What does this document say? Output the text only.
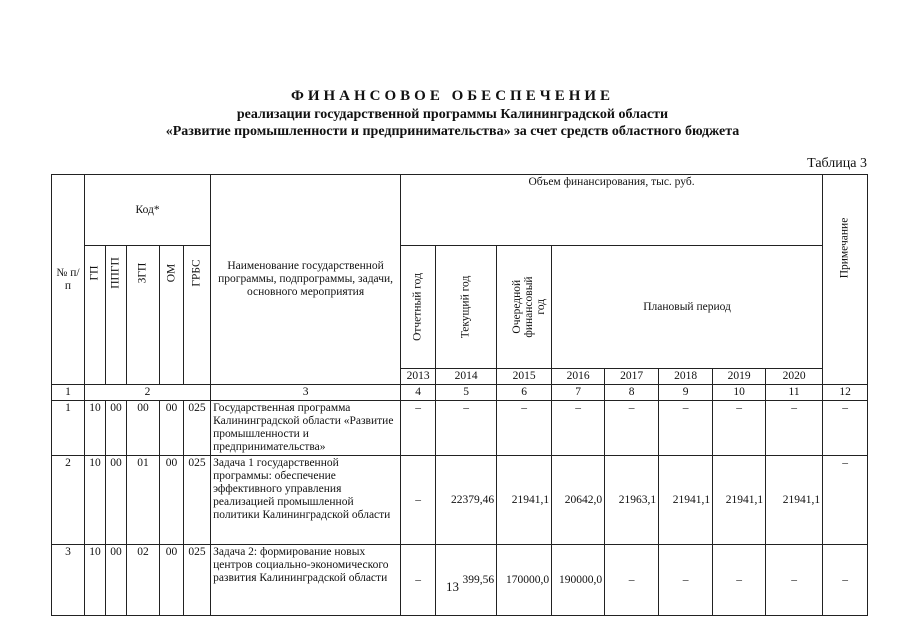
ФИНАНСОВОЕ ОБЕСПЕЧЕНИЕ
реализации государственной программы Калининградской области
«Развитие промышленности и предпринимательства» за счет средств областного бюджета
Таблица 3
№ п/п	Код*					Наименование государственной программы, подпрограммы, задачи, основного мероприятия	Объем финансирования, тыс. руб.								Примечание

	ГП	ППГП	ЗГП	ОМ	ГРБС		Отчетный год	Текущий год	Очередной финансовый год	Плановый период					
							2013	2014	2015	2016	2017	2018	2019	2020	
1	2					3	4	5	6	7	8	9	10	11	12
1	10	00	00	00	025	Государственная программа Калининградской области «Развитие промышленности и предпринимательства»	–	–	–	–	–	–	–	–	–
2	10	00	01	00	025	Задача 1 государственной программы: обеспечение эффективного управления реализацией промышленной политики Калининградской области	–	22379,46	21941,1	20642,0	21963,1	21941,1	21941,1	21941,1	–
3	10	00	02	00	025	Задача 2: формирование новых центров социально-экономического развития Калининградской области	–	399,56	170000,0	190000,0	–	–	–	–	–
13
